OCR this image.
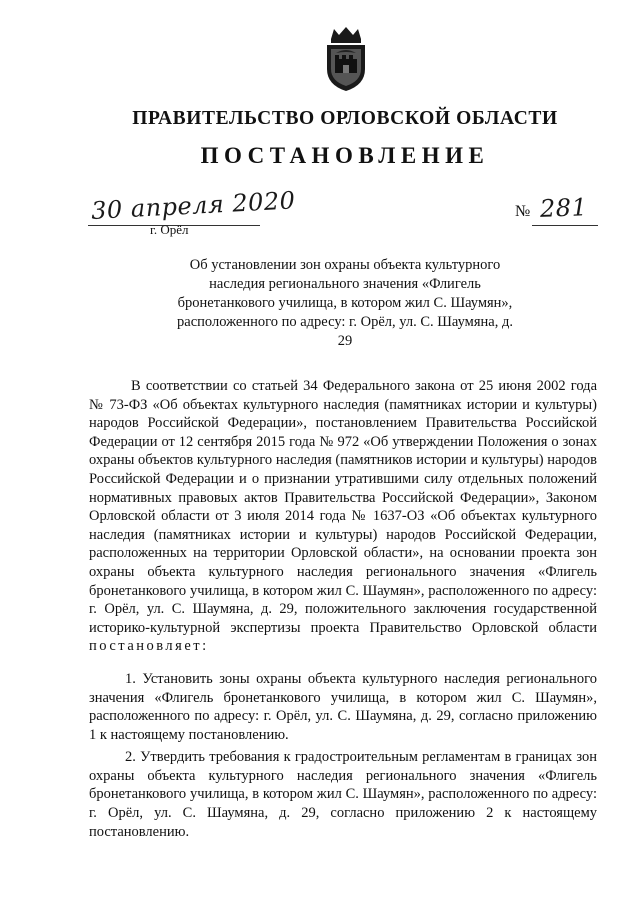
ПРАВИТЕЛЬСТВО ОРЛОВСКОЙ ОБЛАСТИ
ПОСТАНОВЛЕНИЕ
30 апреля 2020
г. Орёл
№ 281
Об установлении зон охраны объекта культурного наследия регионального значения «Флигель бронетанкового училища, в котором жил С. Шаумян», расположенного по адресу: г. Орёл, ул. С. Шаумяна, д. 29

В соответствии со статьей 34 Федерального закона от 25 июня 2002 года № 73-ФЗ «Об объектах культурного наследия (памятниках истории и культуры) народов Российской Федерации», постановлением Правительства Российской Федерации от 12 сентября 2015 года № 972 «Об утверждении Положения о зонах охраны объектов культурного наследия (памятников истории и культуры) народов Российской Федерации и о признании утратившими силу отдельных положений нормативных правовых актов Правительства Российской Федерации», Законом Орловской области от 3 июля 2014 года № 1637-ОЗ «Об объектах культурного наследия (памятниках истории и культуры) народов Российской Федерации, расположенных на территории Орловской области», на основании проекта зон охраны объекта культурного наследия регионального значения «Флигель бронетанкового училища, в котором жил С. Шаумян», расположенного по адресу: г. Орёл, ул. С. Шаумяна, д. 29, положительного заключения государственной историко-культурной экспертизы проекта Правительство Орловской области постановляет:

1. Установить зоны охраны объекта культурного наследия регионального значения «Флигель бронетанкового училища, в котором жил С. Шаумян», расположенного по адресу: г. Орёл, ул. С. Шаумяна, д. 29, согласно приложению 1 к настоящему постановлению.

2. Утвердить требования к градостроительным регламентам в границах зон охраны объекта культурного наследия регионального значения «Флигель бронетанкового училища, в котором жил С. Шаумян», расположенного по адресу: г. Орёл, ул. С. Шаумяна, д. 29, согласно приложению 2 к настоящему постановлению.
